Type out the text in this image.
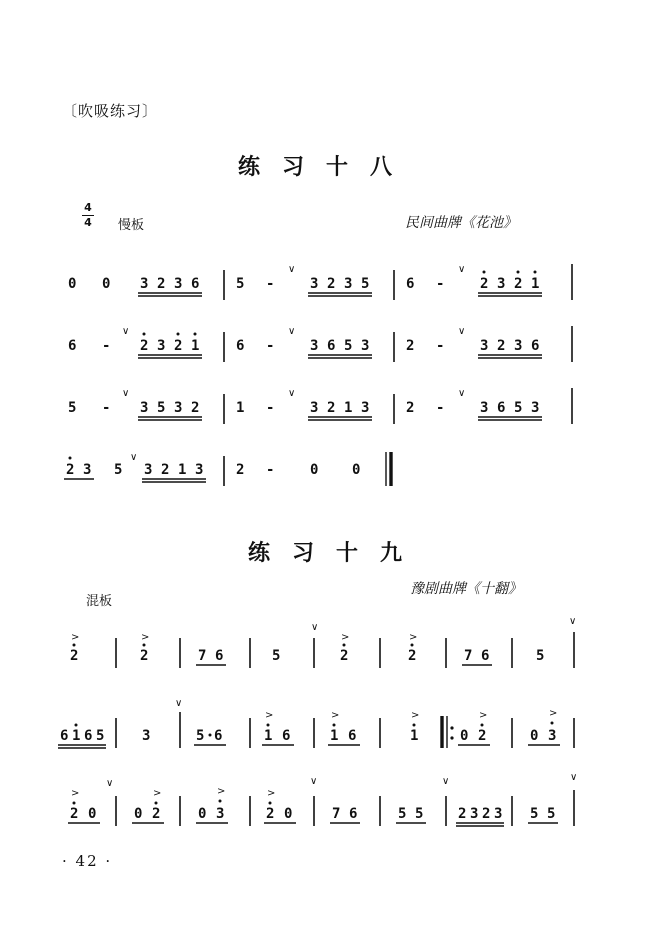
〔吹吸练习〕
练习十八
4
4 慢板	民间曲牌《花池》
0 0 3 2 3 6	5 -
∨
3 2 3 5	6 -
∨
2 3 2 1
6 -
∨
2 3 2 1	6 -
∨
3 6 5 3	2 -
∨
3 2 3 6
5 -
∨
3 5 3 2	1 -
∨
3 2 1 3	2 -
∨
3 6 5 3
2 3 5
∨
3 2 1 3 2 -	0 0
练习十九
混板
豫剧曲牌《十翻》
>
2
>
2	7 6	5
∨
>
2
>
2	7 6	5
∨
6 1 6 5	3
∨
5 6
>
1 6
>
1 6
>
1	0
>
2	0
>
3
>
2 0
∨
0
>
2	0
>
3
>
2 0
∨
7 6	5 5
∨
2 3 2 3 5 5
∨
· 42 ·
